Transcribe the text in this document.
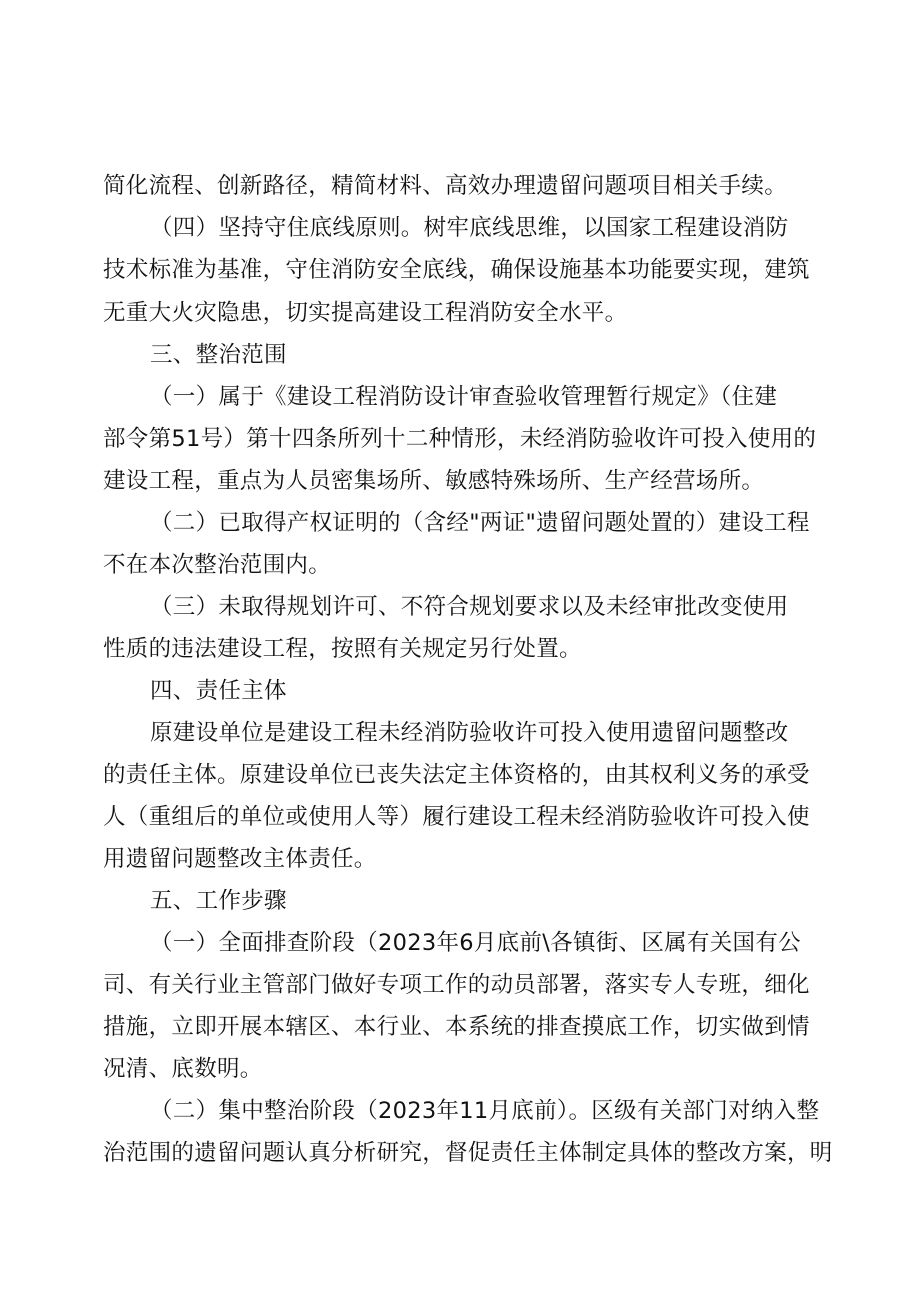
简化流程、创新路径，精简材料、高效办理遗留问题项目相关手续。
（四）坚持守住底线原则。树牢底线思维，以国家工程建设消防
技术标准为基准，守住消防安全底线，确保设施基本功能要实现，建筑
无重大火灾隐患，切实提高建设工程消防安全水平。
三、整治范围
（一）属于《建设工程消防设计审查验收管理暂行规定》（住建
部令第51号）第十四条所列十二种情形，未经消防验收许可投入使用的
建设工程，重点为人员密集场所、敏感特殊场所、生产经营场所。
（二）已取得产权证明的（含经"两证"遗留问题处置的）建设工程
不在本次整治范围内。
（三）未取得规划许可、不符合规划要求以及未经审批改变使用
性质的违法建设工程，按照有关规定另行处置。
四、责任主体
原建设单位是建设工程未经消防验收许可投入使用遗留问题整改
的责任主体。原建设单位已丧失法定主体资格的，由其权利义务的承受
人（重组后的单位或使用人等）履行建设工程未经消防验收许可投入使
用遗留问题整改主体责任。
五、工作步骤
（一）全面排查阶段（2023年6月底前\各镇街、区属有关国有公
司、有关行业主管部门做好专项工作的动员部署，落实专人专班，细化
措施，立即开展本辖区、本行业、本系统的排查摸底工作，切实做到情
况清、底数明。
（二）集中整治阶段（2023年11月底前）。区级有关部门对纳入整
治范围的遗留问题认真分析研究，督促责任主体制定具体的整改方案，明
